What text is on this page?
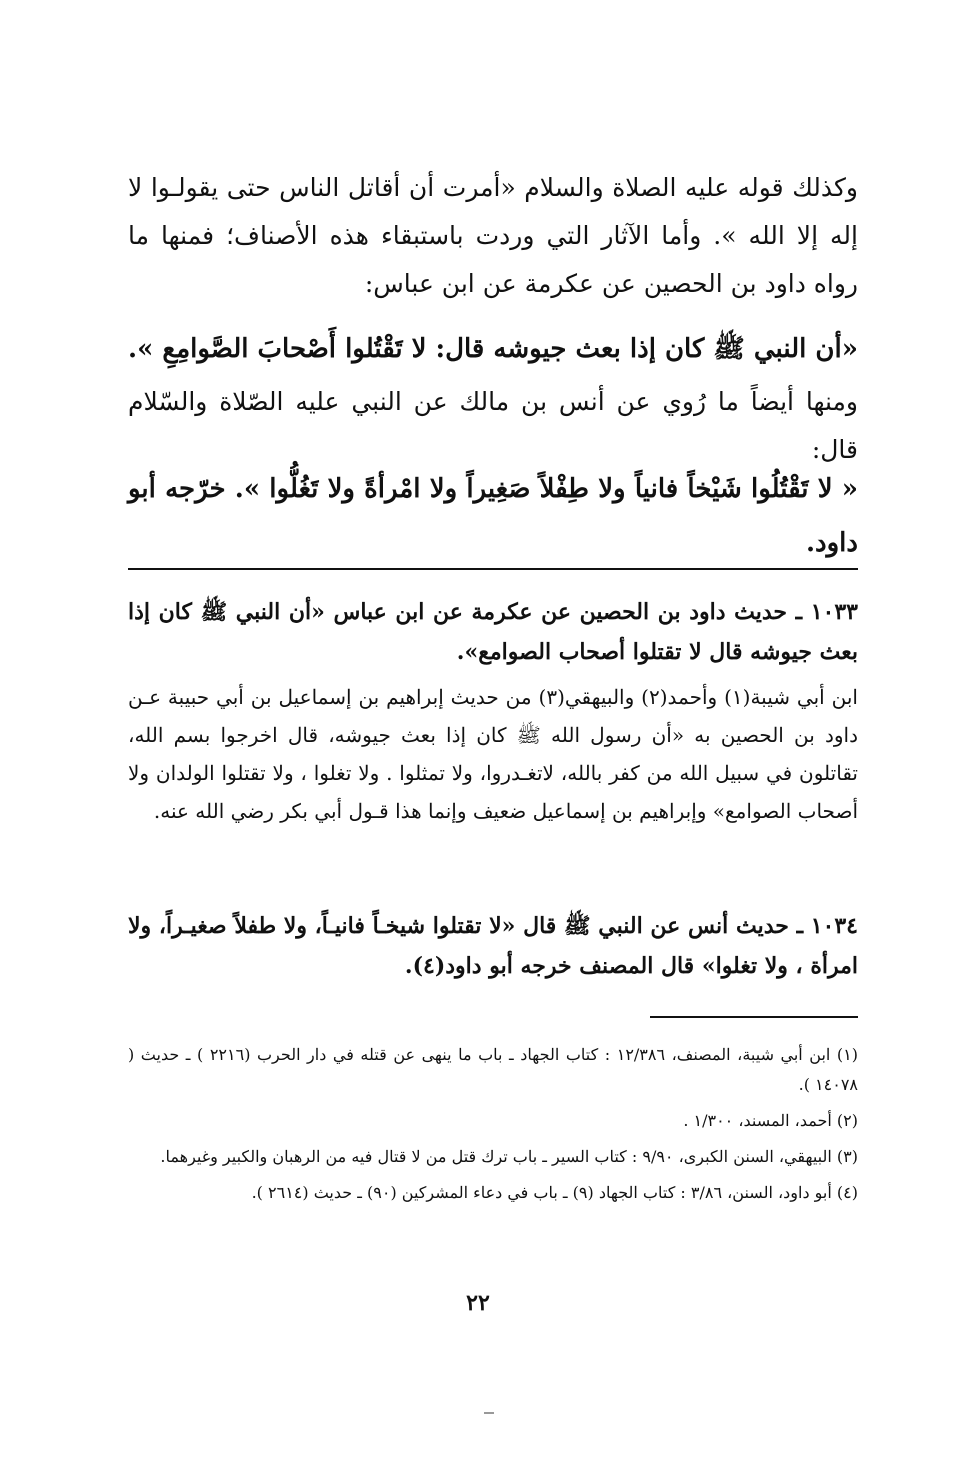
وكذلك قوله عليه الصلاة والسلام «أمرت أن أقاتل الناس حتى يقولـوا لا إله إلا الله ». وأما الآثار التي وردت باستبقاء هذه الأصناف؛ فمنها ما رواه داود بن الحصين عن عكرمة عن ابن عباس:

«أن النبي ﷺ كان إذا بعث جيوشه قال: لا تَقْتُلوا أَصْحابَ الصَّوامِعِ ».

ومنها أيضاً ما رُوي عن أنس بن مالك عن النبي عليه الصّلاة والسّلام قال:

« لا تَقْتُلُوا شَيْخاً فانياً ولا طِفْلاً صَغِيراً ولا امْرأةً ولا تَغُلُّوا ». خرّجه أبو داود.

١٠٣٣ ـ حديث داود بن الحصين عن عكرمة عن ابن عباس «أن النبي ﷺ كان إذا بعث جيوشه قال لا تقتلوا أصحاب الصوامع».

ابن أبي شيبة(١) وأحمد(٢) والبيهقي(٣) من حديث إبراهيم بن إسماعيل بن أبي حبيبة عـن داود بن الحصين به «أن رسول الله ﷺ كان إذا بعث جيوشه، قال اخرجوا بسم الله، تقاتلون في سبيل الله من كفر بالله، لاتغـدروا، ولا تمثلوا . ولا تغلوا ، ولا تقتلوا الولدان ولا أصحاب الصوامع» وإبراهيم بن إسماعيل ضعيف وإنما هذا قـول أبي بكر رضي الله عنه.

١٠٣٤ ـ حديث أنس عن النبي ﷺ قال «لا تقتلوا شيخـاً فانيـاً، ولا طفلاً صغيـراً، ولا امرأة ، ولا تغلوا» قال المصنف خرجه أبو داود(٤).

(١) ابن أبي شيبة، المصنف، ١٢/٣٨٦ : كتاب الجهاد ـ باب ما ينهى عن قتله في دار الحرب (٢٢١٦ ) ـ حديث ( ١٤٠٧٨ ).

(٢) أحمد، المسند، ١/٣٠٠ .

(٣) البيهقي، السنن الكبرى، ٩/٩٠ : كتاب السير ـ باب ترك قتل من لا قتال فيه من الرهبان والكبير وغيرهما.

(٤) أبو داود، السنن، ٣/٨٦ : كتاب الجهاد (٩) ـ باب في دعاء المشركين (٩٠) ـ حديث (٢٦١٤ ).

٢٢
